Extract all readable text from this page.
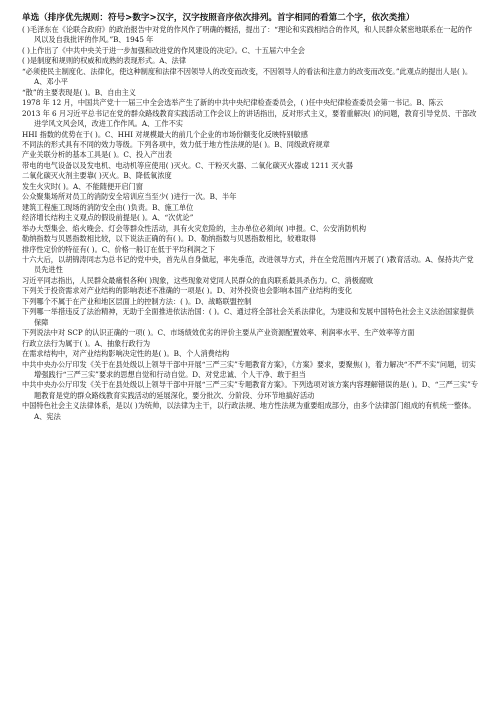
单选（排序优先规则：符号>数字>汉字，汉字按照音序依次排列。首字相同的看第二个字，依次类推）
( )毛泽东在《论联合政府》的政治报告中对党的作风作了明确的概括，提出了：“理论和实践相结合的作风，和人民群众紧密地联系在一起的作风以及自我批评的作风。”B、1945 年
( )上作出了《中共中央关于进一步加强和改进党的作风建设的决定》。C、十五届六中全会
( )是制度和规则的权威和成熟的表现形式。A、法律
“必须使民主制度化、法律化，使这种制度和法律不因领导人的改变而改变，不因领导人的看法和注意力的改变而改变。”此观点的提出人是( )。A、邓小平
“散”的主要表现是( )。B、自由主义
1978 年 12 月，中国共产党十一届三中全会选举产生了新的中共中央纪律检查委员会，( )任中央纪律检查委员会第一书记。B、陈云
2013 年 6 月习近平总书记在党的群众路线教育实践活动工作会议上的讲话指出，反对形式主义，要着重解决( )的问题，教育引导党员、干部改进学风文风会风，改进工作作风。A、工作不实
HHI 指数的优势在于( )。C、HHI 对规模最大的前几个企业的市场份额变化反映特别敏感
不同法的形式具有不同的效力等级。下列各项中，效力低于地方性法规的是( )。B、同级政府规章
产业关联分析的基本工具是( )。C、投入产出表
带电的电气设备以及发电机、电动机等应使用( )灭火。C、干粉灭火器、二氧化碳灭火器或 1211 灭火器
二氧化碳灭火剂主要靠( )灭火。B、降低氧浓度
发生火灾时( )。A、不能随便开启门窗
公众聚集场所对员工的消防安全培训应当至少( )进行一次。B、半年
建筑工程施工现场的消防安全由( )负责。B、施工单位
经济增长结构主义观点的假设前提是( )。A、“次优论”
举办大型集会、焰火晚会、灯会等群众性活动，具有火灾危险的，主办单位必须向( )申报。C、公安消防机构
勒纳指数与贝恩指数相比较，以下说法正确的有( )。D、勒纳指数与贝恩指数相比，较难取得
排序性定价的特征有( )。C、价格一般订在低于平均利润之下
十六大后，以胡锦涛同志为总书记的党中央，首先从自身做起，率先垂范，改进领导方式，并在全党范围内开展了( )教育活动。A、保持共产党员先进性
习近平同志指出，人民群众最痛恨各种( )现象，这些现象对党同人民群众的血肉联系最具杀伤力。C、消极腐败
下列关于投资需求对产业结构的影响表述不准确的一项是( )。D、对外投资也会影响本国产业结构的变化
下列哪个不属于在产业和地区层面上的控制方法：( )。D、战略联盟控制
下列哪一举措违反了法治精神，无助于全面推进依法治国：( )。C、通过将全部社会关系法律化，为建设和发展中国特色社会主义法治国家提供保障
下列说法中对 SCP 的认识正确的一项( )。C、市场绩效优劣的评价主要从产业资源配置效率、利润率水平、生产效率等方面
行政立法行为属于( )。A、抽象行政行为
在需求结构中，对产业结构影响决定性的是( )。B、个人消费结构
中共中央办公厅印发《关于在县处级以上领导干部中开展“三严三实”专题教育方案》，《方案》要求，要聚焦( )，着力解决“不严不实”问题，切实增强践行“三严三实”要求的思想自觉和行动自觉。D、对党忠诚、个人干净、敢于担当
中共中央办公厅印发《关于在县处级以上领导干部中开展“三严三实”专题教育方案》。下列选项对该方案内容理解错误的是( )。D、“三严三实”专题教育是党的群众路线教育实践活动的延展深化，要分批次、分阶段、分环节地搞好活动
中国特色社会主义法律体系，是以( )为统帅，以法律为主干，以行政法规、地方性法规为重要组成部分，由多个法律部门组成的有机统一整体。A、宪法
